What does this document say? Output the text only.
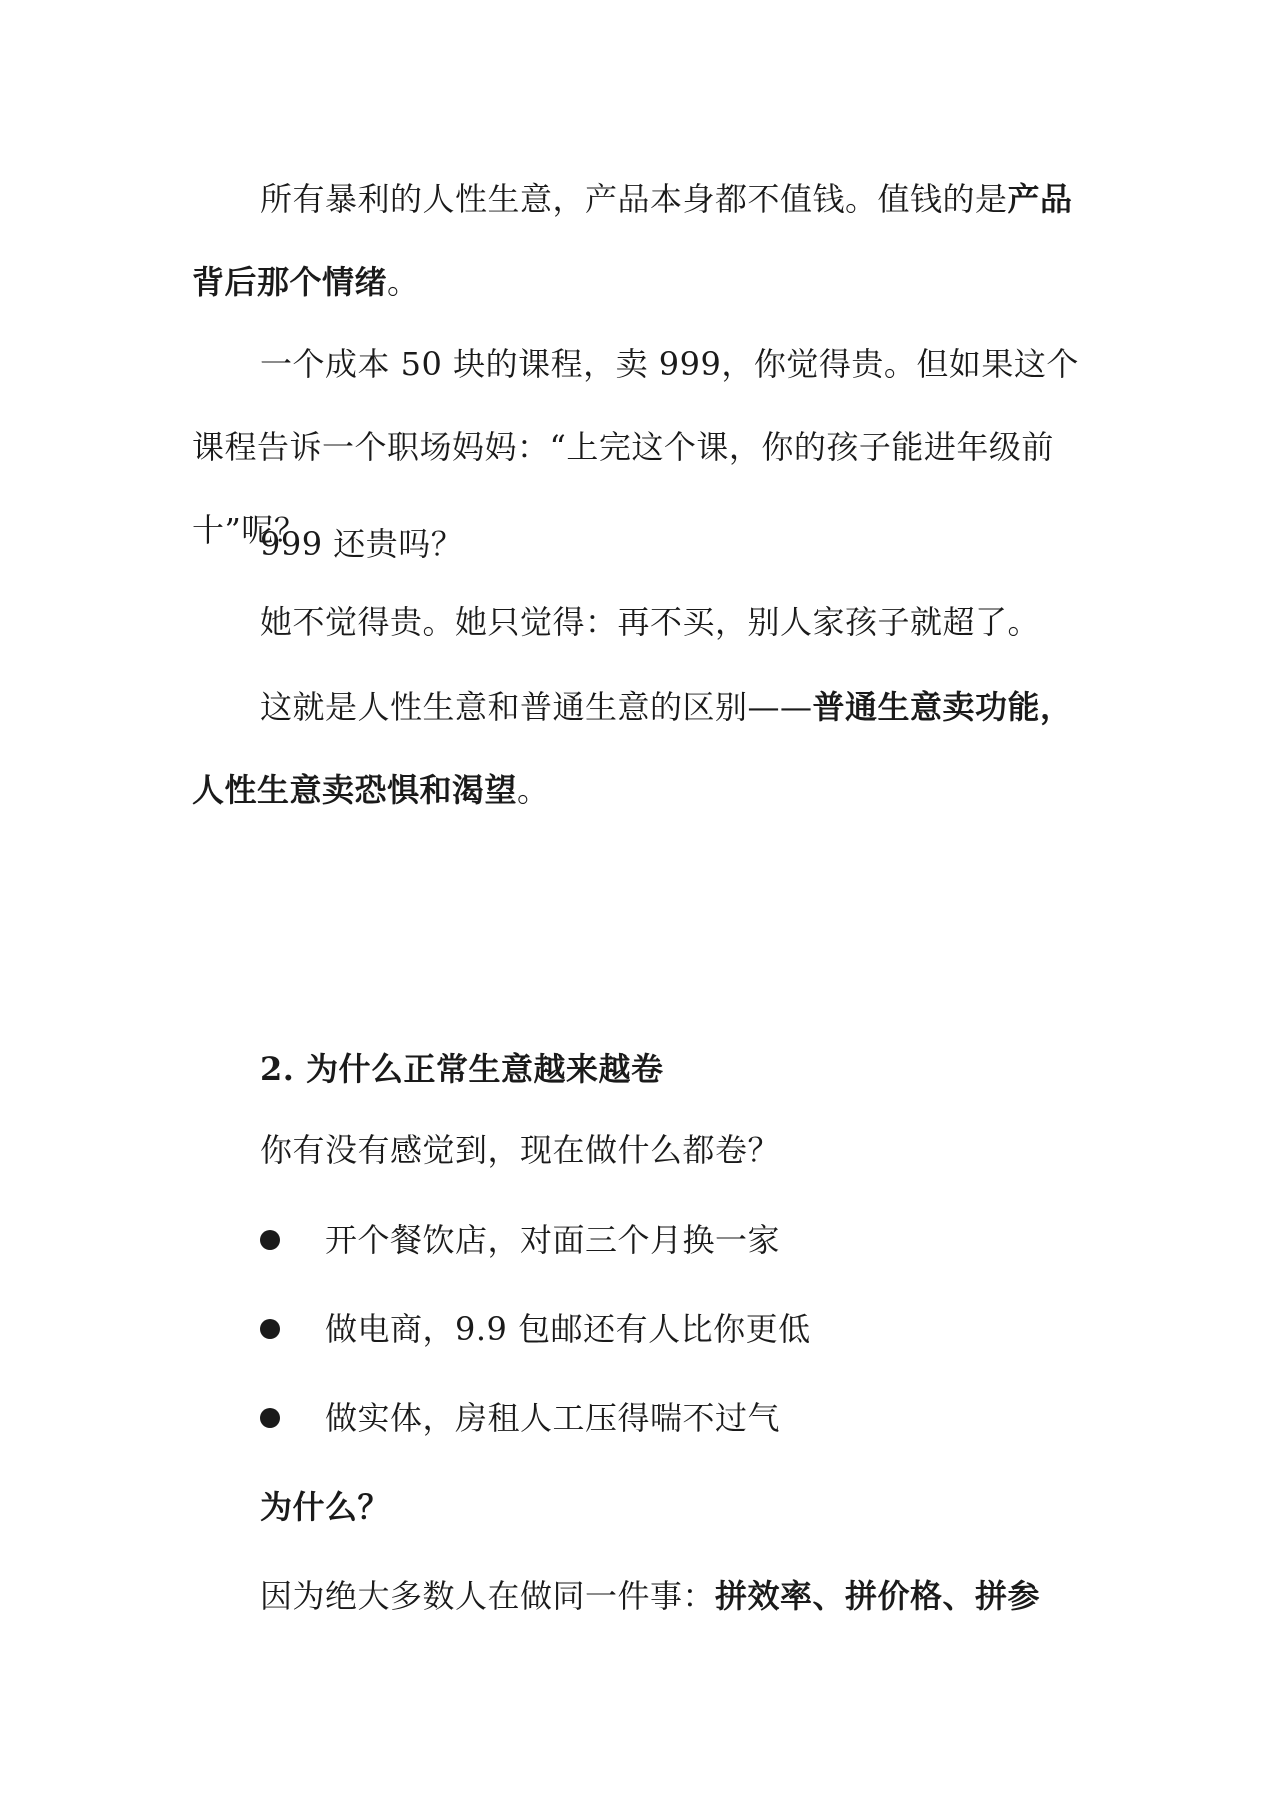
所有暴利的人性生意，产品本身都不值钱。值钱的是产品背后那个情绪。

一个成本 50 块的课程，卖 999，你觉得贵。但如果这个课程告诉一个职场妈妈：“上完这个课，你的孩子能进年级前十”呢？

999 还贵吗？

她不觉得贵。她只觉得：再不买，别人家孩子就超了。

这就是人性生意和普通生意的区别——普通生意卖功能，人性生意卖恐惧和渴望。

2. 为什么正常生意越来越卷

你有没有感觉到，现在做什么都卷？

开个餐饮店，对面三个月换一家
做电商，9.9 包邮还有人比你更低
做实体，房租人工压得喘不过气

为什么？

因为绝大多数人在做同一件事：拼效率、拼价格、拼参
